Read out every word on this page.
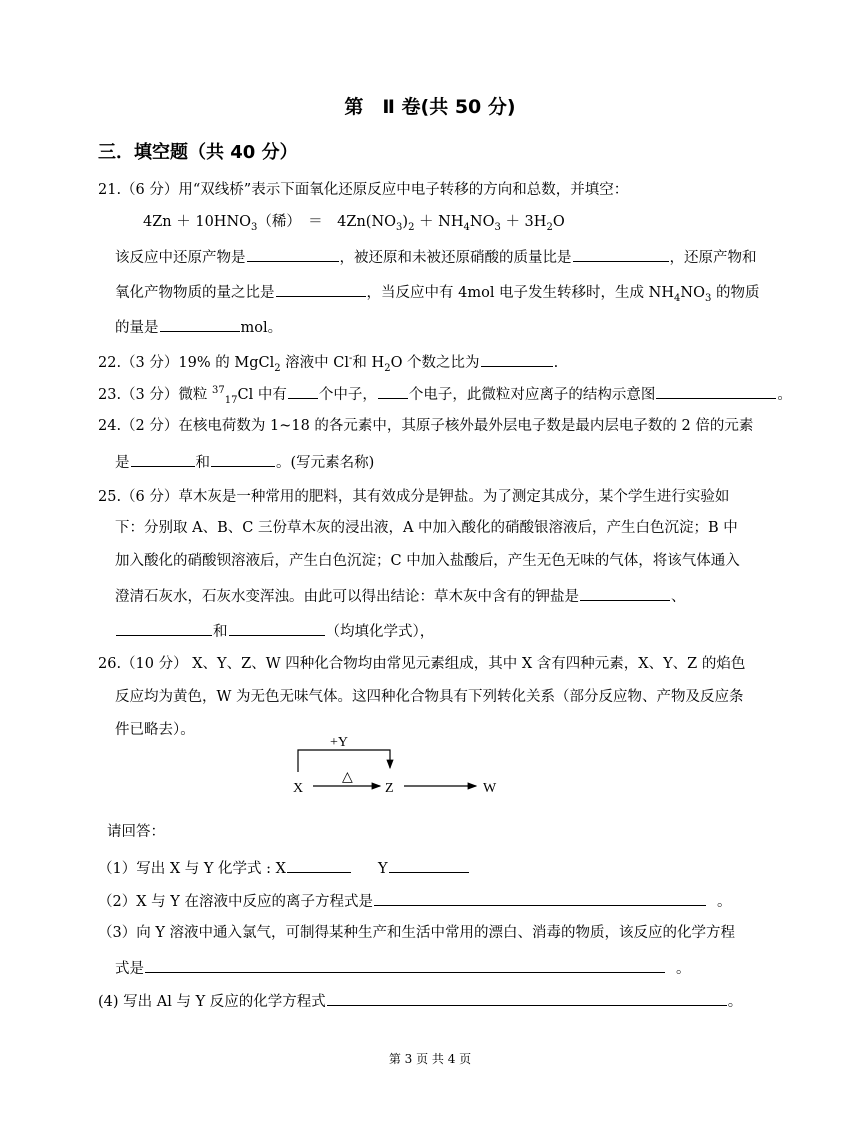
第　Ⅱ 卷(共 50 分)
三．填空题（共 40 分）
21.（6 分）用“双线桥”表示下面氧化还原反应中电子转移的方向和总数，并填空：
$4Zn + 10HNO_3$（稀）　＝　$4Zn(NO_3)_2 + NH_4NO_3 + 3H_2O$
该反应中还原产物是	，被还原和未被还原硝酸的质量比是	，还原产物和
氧化产物物质的量之比是	，当反应中有 4mol 电子发生转移时，生成 $NH_4NO_3$ 的物质
的量是	mol。
22.（3 分）19% 的 MgCl$_2$ 溶液中 Cl-和 $H_2O$ 个数之比为	.
23.（3 分）微粒 $^{37}_{17}$Cl 中有 个中子， 个电子，此微粒对应离子的结构示意图	。
24.（2 分）在核电荷数为 1~18 的各元素中，其原子核外最外层电子数是最内层电子数的 2 倍的元素
是	和	。(写元素名称)
25.（6 分）草木灰是一种常用的肥料，其有效成分是钾盐。为了测定其成分，某个学生进行实验如
下：分别取 A、B、C 三份草木灰的浸出液，A 中加入酸化的硝酸银溶液后，产生白色沉淀；B 中
加入酸化的硝酸钡溶液后，产生白色沉淀；C 中加入盐酸后，产生无色无味的气体，将该气体通入
澄清石灰水，石灰水变浑浊。由此可以得出结论：草木灰中含有的钾盐是	、
和	（均填化学式），
26.（10 分） X、Y、Z、W 四种化合物均由常见元素组成，其中 X 含有四种元素，X、Y、Z 的焰色
反应均为黄色，W 为无色无味气体。这四种化合物具有下列转化关系（部分反应物、产物及反应条
件已略去）。
+Y
X
△
Z	W
请回答：
（1）写出 X 与 Y 化学式 : X	Y
（2）X 与 Y 在溶液中反应的离子方程式是	。
（3）向 Y 溶液中通入氯气，可制得某种生产和生活中常用的漂白、消毒的物质，该反应的化学方程
式是	。
(4) 写出 Al 与 Y 反应的化学方程式	。
第 3 页 共 4 页
